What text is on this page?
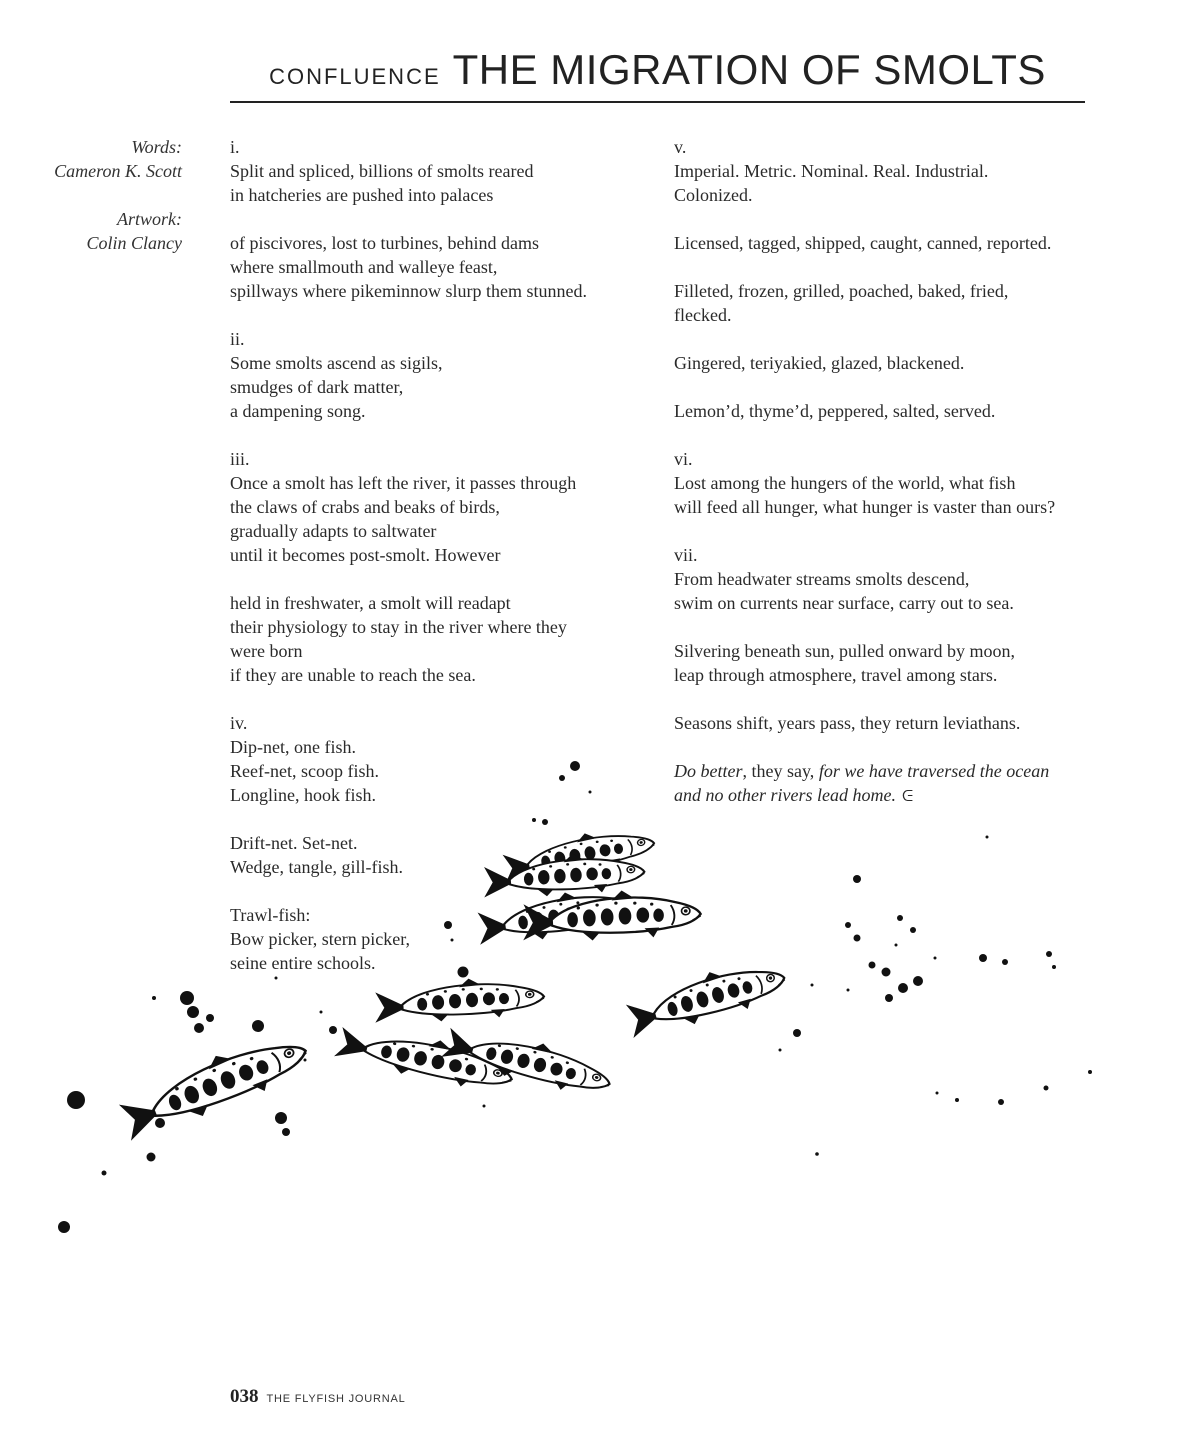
CONFLUENCE THE MIGRATION OF SMOLTS
Words:
Cameron K. Scott
Artwork:
Colin Clancy
i.
Split and spliced, billions of smolts reared
in hatcheries are pushed into palaces
of piscivores, lost to turbines, behind dams
where smallmouth and walleye feast,
spillways where pikeminnow slurp them stunned.
ii.
Some smolts ascend as sigils,
smudges of dark matter,
a dampening song.
iii.
Once a smolt has left the river, it passes through
the claws of crabs and beaks of birds,
gradually adapts to saltwater
until it becomes post-smolt. However
held in freshwater, a smolt will readapt
their physiology to stay in the river where they
were born
if they are unable to reach the sea.
iv.
Dip-net, one fish.
Reef-net, scoop fish.
Longline, hook fish.
Drift-net. Set-net.
Wedge, tangle, gill-fish.
Trawl-fish:
Bow picker, stern picker,
seine entire schools.
v.
Imperial. Metric. Nominal. Real. Industrial.
Colonized.
Licensed, tagged, shipped, caught, canned, reported.
Filleted, frozen, grilled, poached, baked, fried,
flecked.
Gingered, teriyakied, glazed, blackened.
Lemon’d, thyme’d, peppered, salted, served.
vi.
Lost among the hungers of the world, what fish
will feed all hunger, what hunger is vaster than ours?
vii.
From headwater streams smolts descend,
swim on currents near surface, carry out to sea.
Silvering beneath sun, pulled onward by moon,
leap through atmosphere, travel among stars.
Seasons shift, years pass, they return leviathans.
Do better, they say, for we have traversed the ocean
and no other rivers lead home. ᕮ
038 THE FLYFISH JOURNAL
